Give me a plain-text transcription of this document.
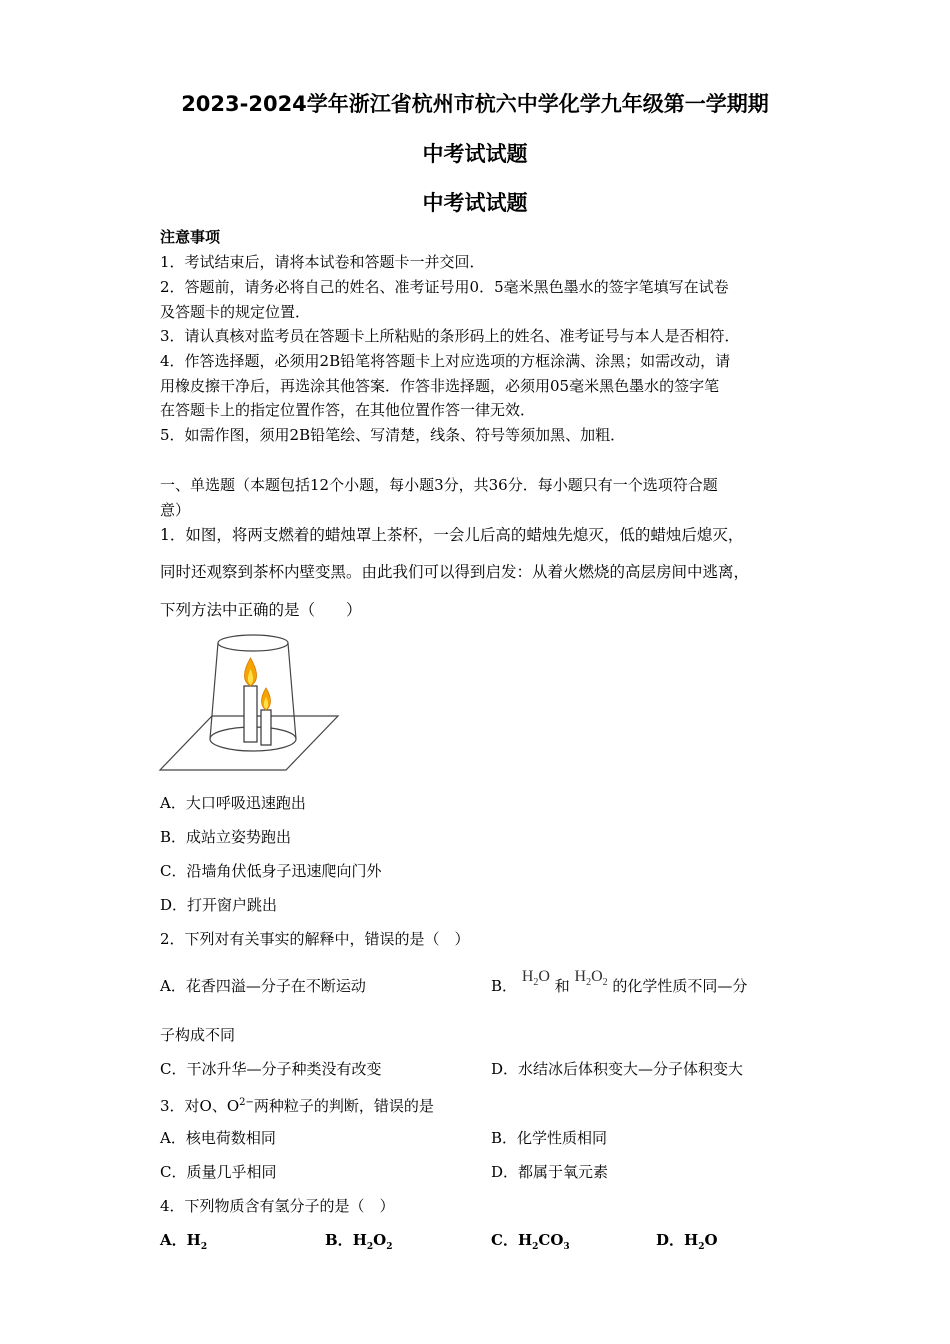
2023-2024学年浙江省杭州市杭六中学化学九年级第一学期期
中考试试题
中考试试题
注意事项
1．考试结束后，请将本试卷和答题卡一并交回．
2．答题前，请务必将自己的姓名、准考证号用0．5毫米黑色墨水的签字笔填写在试卷
及答题卡的规定位置．
3．请认真核对监考员在答题卡上所粘贴的条形码上的姓名、准考证号与本人是否相符．
4．作答选择题，必须用2B铅笔将答题卡上对应选项的方框涂满、涂黑；如需改动，请
用橡皮擦干净后，再选涂其他答案．作答非选择题，必须用05毫米黑色墨水的签字笔
在答题卡上的指定位置作答，在其他位置作答一律无效．
5．如需作图，须用2B铅笔绘、写清楚，线条、符号等须加黑、加粗．
一、单选题（本题包括12个小题，每小题3分，共36分．每小题只有一个选项符合题
意）
1．如图，将两支燃着的蜡烛罩上茶杯，一会儿后高的蜡烛先熄灭，低的蜡烛后熄灭，
同时还观察到茶杯内壁变黑。由此我们可以得到启发：从着火燃烧的高层房间中逃离，
下列方法中正确的是（　　）
A．大口呼吸迅速跑出
B．成站立姿势跑出
C．沿墙角伏低身子迅速爬向门外
D．打开窗户跳出
2．下列对有关事实的解释中，错误的是（　）
A．花香四溢—分子在不断运动	B． $H_2O$ 和 $H_2O_2$ 的化学性质不同—分
子构成不同
C．干冰升华—分子种类没有改变	D．水结冰后体积变大—分子体积变大
3．对O、$O^{2-}$两种粒子的判断，错误的是
A．核电荷数相同	B．化学性质相同
C．质量几乎相同	D．都属于氧元素
4．下列物质含有氢分子的是（　）
A．$H_2$	B．$H_2O_2$	C．$H_2CO_3$	D．$H_2O$
